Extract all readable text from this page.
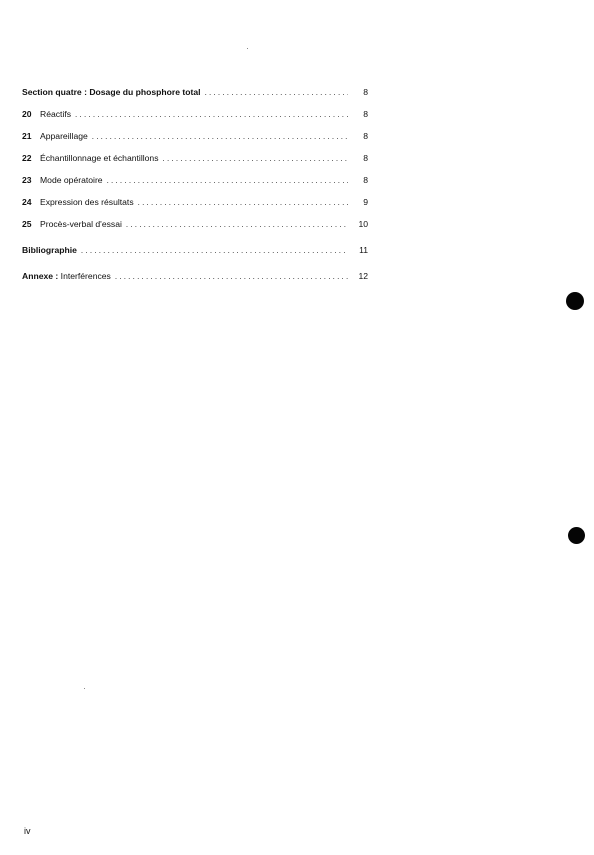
Section quatre : Dosage du phosphore total . . .	8
20 Réactifs . . .	8
21 Appareillage . . .	8
22 Échantillonnage et échantillons . . .	8
23 Mode opératoire . . .	8
24 Expression des résultats . . .	9
25 Procès-verbal d'essai . . .	10
Bibliographie . . .	11
Annexe : Interférences . . .	12
iv
